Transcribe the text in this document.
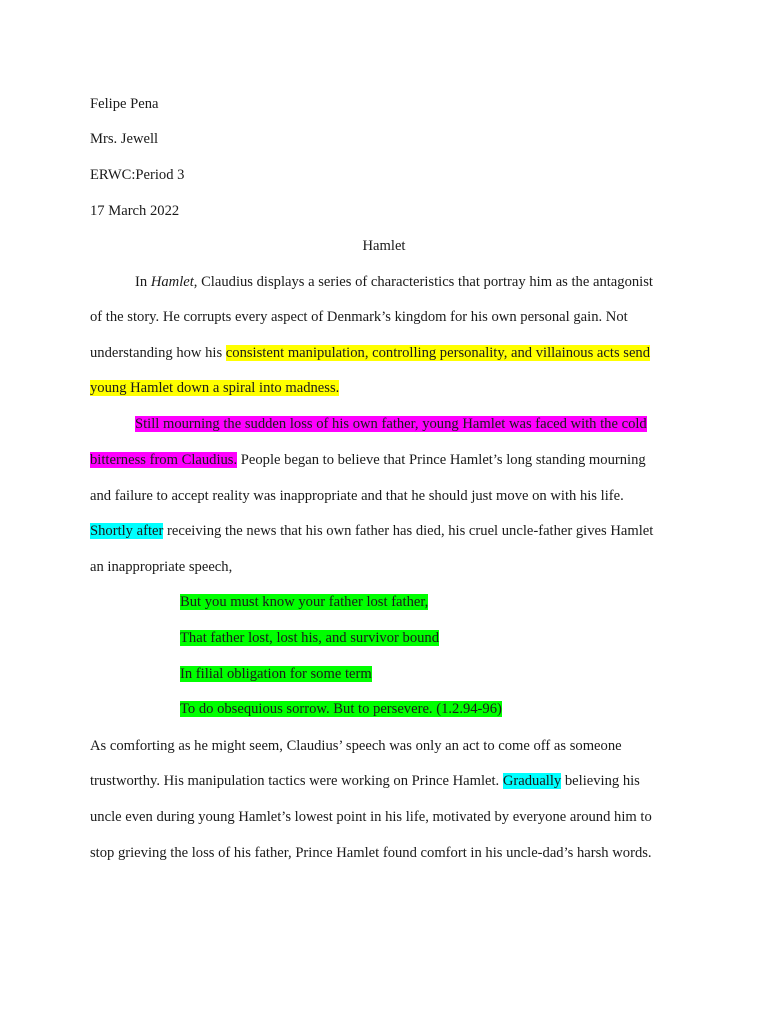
Felipe Pena
Mrs. Jewell
ERWC:Period 3
17 March 2022
Hamlet
In Hamlet, Claudius displays a series of characteristics that portray him as the antagonist
of the story. He corrupts every aspect of Denmark’s kingdom for his own personal gain. Not
understanding how his consistent manipulation, controlling personality, and villainous acts send
young Hamlet down a spiral into madness.
Still mourning the sudden loss of his own father, young Hamlet was faced with the cold
bitterness from Claudius. People began to believe that Prince Hamlet’s long standing mourning
and failure to accept reality was inappropriate and that he should just move on with his life.
Shortly after receiving the news that his own father has died, his cruel uncle-father gives Hamlet
an inappropriate speech,
But you must know your father lost father,
That father lost, lost his, and survivor bound
In filial obligation for some term
To do obsequious sorrow. But to persevere. (1.2.94-96)
As comforting as he might seem, Claudius’ speech was only an act to come off as someone
trustworthy. His manipulation tactics were working on Prince Hamlet. Gradually believing his
uncle even during young Hamlet’s lowest point in his life, motivated by everyone around him to
stop grieving the loss of his father, Prince Hamlet found comfort in his uncle-dad’s harsh words.
